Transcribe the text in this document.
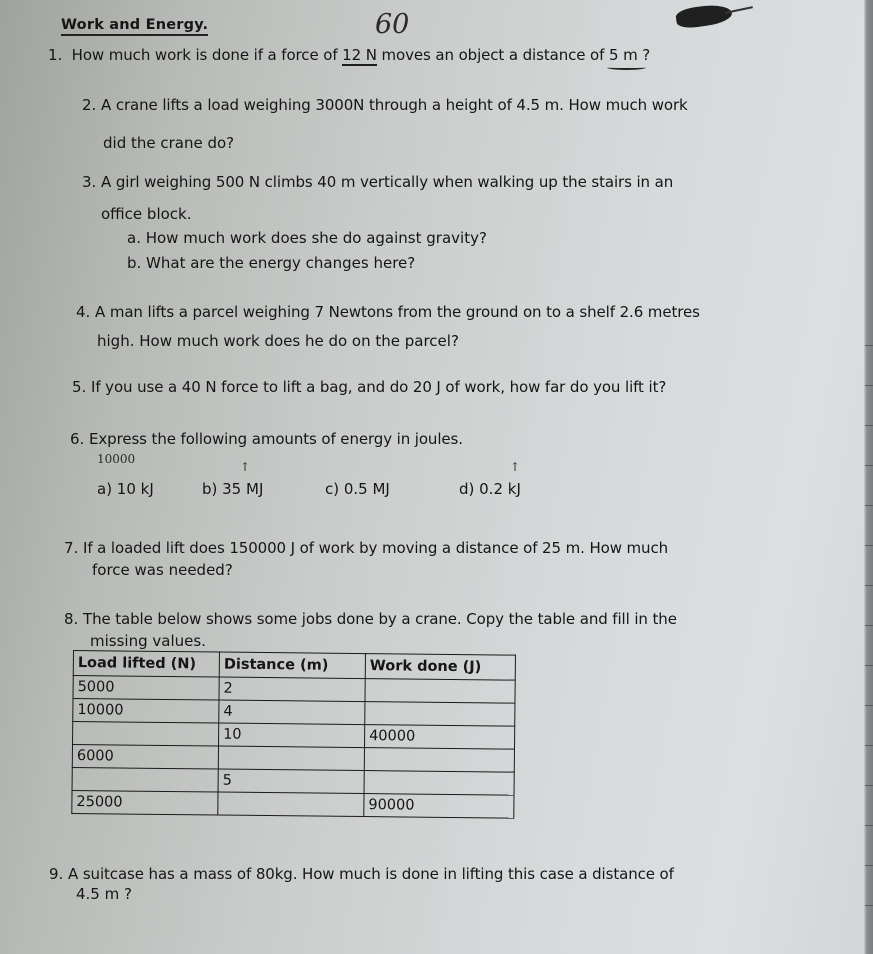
Work and Energy.	60
1. How much work is done if a force of 12 N moves an object a distance of 5 m ?
2. A crane lifts a load weighing 3000N through a height of 4.5 m. How much work
did the crane do?
3. A girl weighing 500 N climbs 40 m vertically when walking up the stairs in an
office block.
a. How much work does she do against gravity?
b. What are the energy changes here?
4. A man lifts a parcel weighing 7 Newtons from the ground on to a shelf 2.6 metres
high. How much work does he do on the parcel?
5. If you use a 40 N force to lift a bag, and do 20 J of work, how far do you lift it?
6. Express the following amounts of energy in joules.
10000
↑	↑
a) 10 kJ	b) 35 MJ	c) 0.5 MJ	d) 0.2 kJ
7. If a loaded lift does 150000 J of work by moving a distance of 25 m. How much
force was needed?
8. The table below shows some jobs done by a crane. Copy the table and fill in the
missing values.
Load lifted (N)	Distance (m)	Work done (J)
5000	2	
10000	4	
	10	40000
6000		
	5	
25000		90000
9. A suitcase has a mass of 80kg. How much is done in lifting this case a distance of
4.5 m ?
